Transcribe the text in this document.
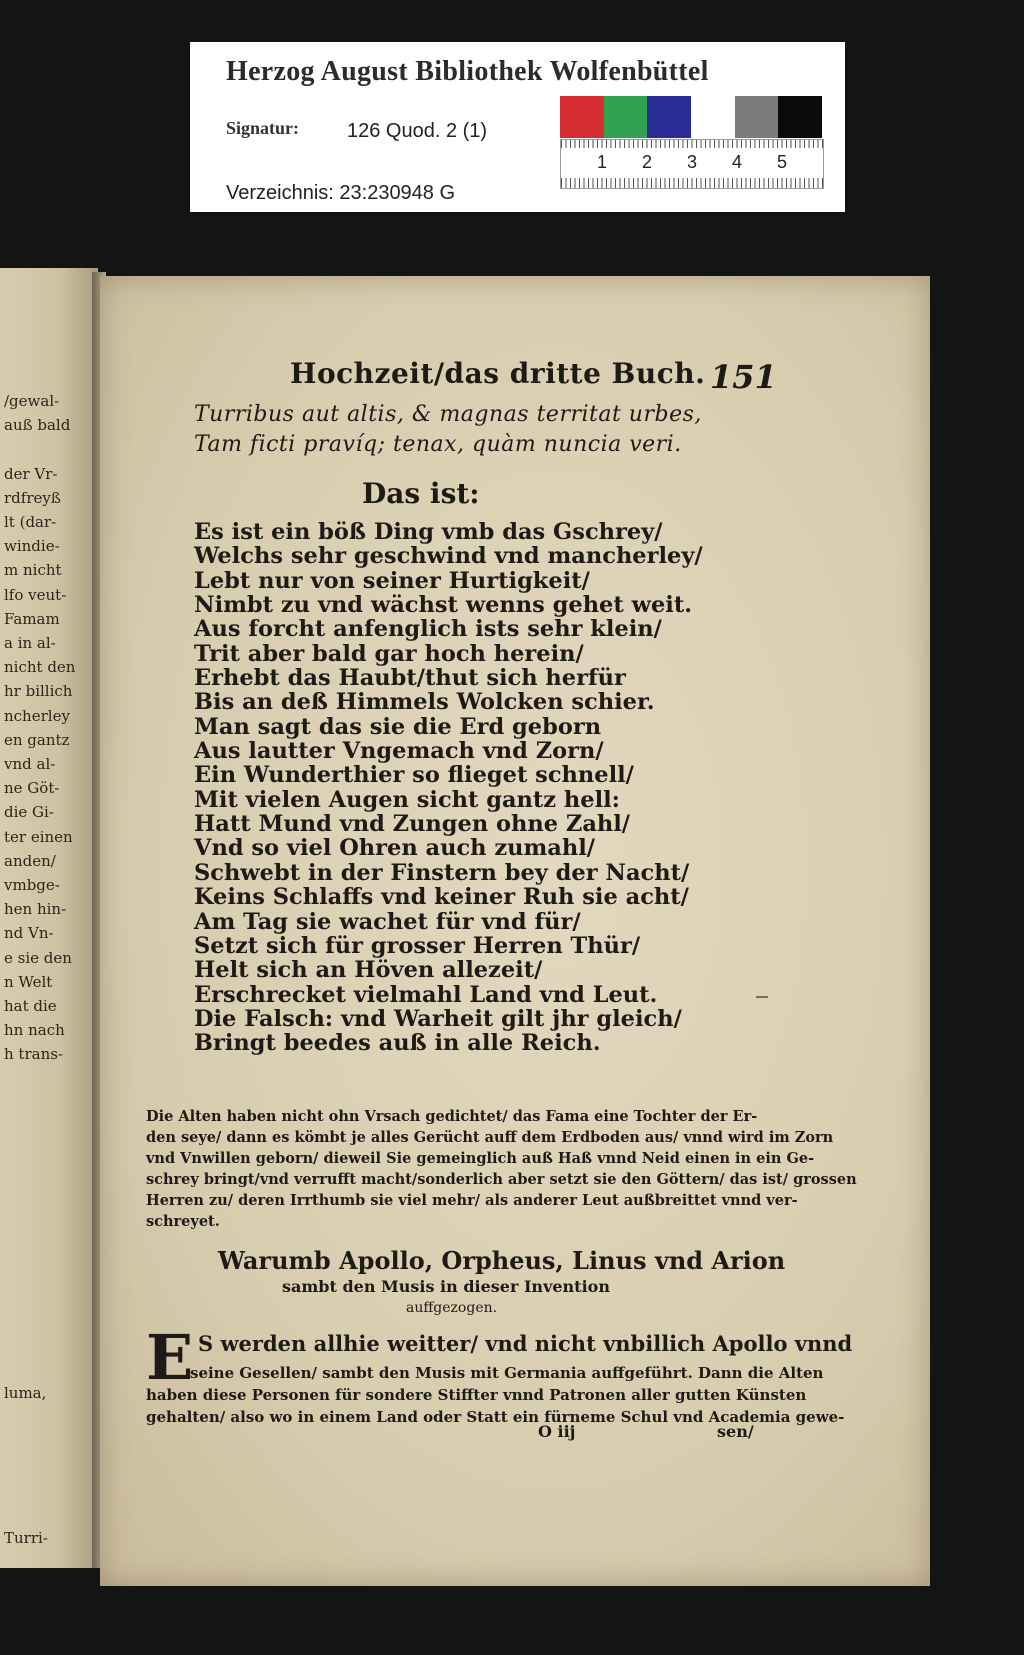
/gewal-
auß bald
der Vr-
rdfreyß
lt (dar-
windie-
m nicht
lfo veut-
Famam
a in al-
nicht den
hr billich
ncherley
en gantz
vnd al-
ne Göt-
die Gi-
ter einen
anden/
vmbge-
hen hin-
nd Vn-
e sie den
n Welt
hat die
hn nach
h trans-
luma,
Turri-
Herzog August Bibliothek Wolfenbüttel
Signatur: 126 Quod. 2 (1)
Verzeichnis: 23:230948 G
1 2 3 4 5
Hochzeit/das dritte Buch. 151
Turribus aut altis, & magnas territat urbes,
Tam ficti pravíq; tenax, quàm nuncia veri.
Das ist:
Es ist ein böß Ding vmb das Gschrey/
Welchs sehr geschwind vnd mancherley/
Lebt nur von seiner Hurtigkeit/
Nimbt zu vnd wächst wenns gehet weit.
Aus forcht anfenglich ists sehr klein/
Trit aber bald gar hoch herein/
Erhebt das Haubt/thut sich herfür
Bis an deß Himmels Wolcken schier.
Man sagt das sie die Erd geborn
Aus lautter Vngemach vnd Zorn/
Ein Wunderthier so flieget schnell/
Mit vielen Augen sicht gantz hell:
Hatt Mund vnd Zungen ohne Zahl/
Vnd so viel Ohren auch zumahl/
Schwebt in der Finstern bey der Nacht/
Keins Schlaffs vnd keiner Ruh sie acht/
Am Tag sie wachet für vnd für/
Setzt sich für grosser Herren Thür/
Helt sich an Höven allezeit/
Erschrecket vielmahl Land vnd Leut.
Die Falsch: vnd Warheit gilt jhr gleich/
Bringt beedes auß in alle Reich.
Die Alten haben nicht ohn Vrsach gedichtet/ das Fama eine Tochter der Er-
den seye/ dann es kömbt je alles Gerücht auff dem Erdboden aus/ vnnd wird im Zorn
vnd Vnwillen geborn/ dieweil Sie gemeinglich auß Haß vnnd Neid einen in ein Ge-
schrey bringt/vnd verrufft macht/sonderlich aber setzt sie den Göttern/ das ist/ grossen
Herren zu/ deren Irrthumb sie viel mehr/ als anderer Leut außbreittet vnnd ver-
schreyet.
Warumb Apollo, Orpheus, Linus vnd Arion
sambt den Musis in dieser Invention
auffgezogen.
E S werden allhie weitter/ vnd nicht vnbillich Apollo vnnd
seine Gesellen/ sambt den Musis mit Germania auffgeführt. Dann die Alten
haben diese Personen für sondere Stiffter vnnd Patronen aller gutten Künsten
gehalten/ also wo in einem Land oder Statt ein fürneme Schul vnd Academia gewe-
O iij	sen/
